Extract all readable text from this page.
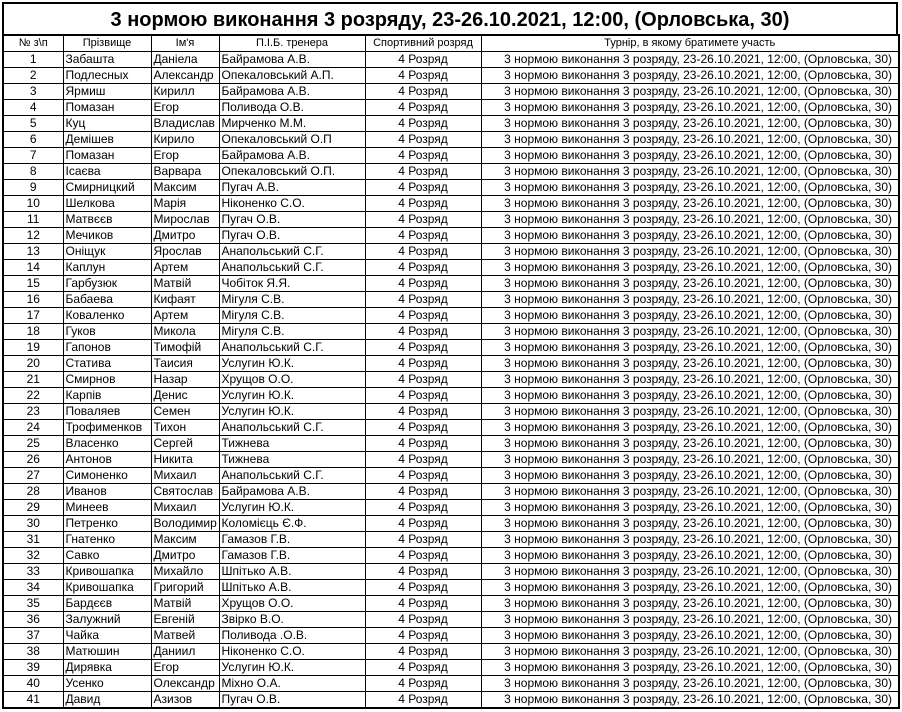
3 нормою виконання 3 розряду, 23-26.10.2021, 12:00, (Орловська, 30)
№ з\п	Прізвище	Ім'я	П.І.Б. тренера	Спортивний розряд	Турнір, в якому братимете участь
1	Забашта	Даніела	Байрамова А.В.	4 Розряд	3 нормою виконання 3 розряду, 23-26.10.2021, 12:00, (Орловська, 30)
2	Подлесных	Александр	Опекаловський А.П.	4 Розряд	3 нормою виконання 3 розряду, 23-26.10.2021, 12:00, (Орловська, 30)
3	Ярмиш	Кирилл	Байрамова А.В.	4 Розряд	3 нормою виконання 3 розряду, 23-26.10.2021, 12:00, (Орловська, 30)
4	Помазан	Егор	Поливода О.В.	4 Розряд	3 нормою виконання 3 розряду, 23-26.10.2021, 12:00, (Орловська, 30)
5	Куц	Владислав	Мирченко М.М.	4 Розряд	3 нормою виконання 3 розряду, 23-26.10.2021, 12:00, (Орловська, 30)
6	Демішев	Кирило	Опекаловський О.П	4 Розряд	3 нормою виконання 3 розряду, 23-26.10.2021, 12:00, (Орловська, 30)
7	Помазан	Егор	Байрамова А.В.	4 Розряд	3 нормою виконання 3 розряду, 23-26.10.2021, 12:00, (Орловська, 30)
8	Ісаєва	Варвара	Опекаловський О.П.	4 Розряд	3 нормою виконання 3 розряду, 23-26.10.2021, 12:00, (Орловська, 30)
9	Смирницкий	Максим	Пугач А.В.	4 Розряд	3 нормою виконання 3 розряду, 23-26.10.2021, 12:00, (Орловська, 30)
10	Шелкова	Марія	Ніконенко С.О.	4 Розряд	3 нормою виконання 3 розряду, 23-26.10.2021, 12:00, (Орловська, 30)
11	Матвєєв	Мирослав	Пугач О.В.	4 Розряд	3 нормою виконання 3 розряду, 23-26.10.2021, 12:00, (Орловська, 30)
12	Мечиков	Дмитро	Пугач О.В.	4 Розряд	3 нормою виконання 3 розряду, 23-26.10.2021, 12:00, (Орловська, 30)
13	Оніщук	Ярослав	Анапольський С.Г.	4 Розряд	3 нормою виконання 3 розряду, 23-26.10.2021, 12:00, (Орловська, 30)
14	Каплун	Артем	Анапольський С.Г.	4 Розряд	3 нормою виконання 3 розряду, 23-26.10.2021, 12:00, (Орловська, 30)
15	Гарбузюк	Матвій	Чобіток Я.Я.	4 Розряд	3 нормою виконання 3 розряду, 23-26.10.2021, 12:00, (Орловська, 30)
16	Бабаева	Кифаят	Мігуля С.В.	4 Розряд	3 нормою виконання 3 розряду, 23-26.10.2021, 12:00, (Орловська, 30)
17	Коваленко	Артем	Мігуля С.В.	4 Розряд	3 нормою виконання 3 розряду, 23-26.10.2021, 12:00, (Орловська, 30)
18	Гуков	Микола	Мігуля С.В.	4 Розряд	3 нормою виконання 3 розряду, 23-26.10.2021, 12:00, (Орловська, 30)
19	Гапонов	Тимофій	Анапольський С.Г.	4 Розряд	3 нормою виконання 3 розряду, 23-26.10.2021, 12:00, (Орловська, 30)
20	Статива	Таисия	Услугин Ю.К.	4 Розряд	3 нормою виконання 3 розряду, 23-26.10.2021, 12:00, (Орловська, 30)
21	Смирнов	Назар	Хрущов О.О.	4 Розряд	3 нормою виконання 3 розряду, 23-26.10.2021, 12:00, (Орловська, 30)
22	Карпів	Денис	Услугин Ю.К.	4 Розряд	3 нормою виконання 3 розряду, 23-26.10.2021, 12:00, (Орловська, 30)
23	Поваляев	Семен	Услугин Ю.К.	4 Розряд	3 нормою виконання 3 розряду, 23-26.10.2021, 12:00, (Орловська, 30)
24	Трофименков	Тихон	Анапольський С.Г.	4 Розряд	3 нормою виконання 3 розряду, 23-26.10.2021, 12:00, (Орловська, 30)
25	Власенко	Сергей	Тижнева	4 Розряд	3 нормою виконання 3 розряду, 23-26.10.2021, 12:00, (Орловська, 30)
26	Антонов	Никита	Тижнева	4 Розряд	3 нормою виконання 3 розряду, 23-26.10.2021, 12:00, (Орловська, 30)
27	Симоненко	Михаил	Анапольський С.Г.	4 Розряд	3 нормою виконання 3 розряду, 23-26.10.2021, 12:00, (Орловська, 30)
28	Иванов	Святослав	Байрамова А.В.	4 Розряд	3 нормою виконання 3 розряду, 23-26.10.2021, 12:00, (Орловська, 30)
29	Минеев	Михаил	Услугин Ю.К.	4 Розряд	3 нормою виконання 3 розряду, 23-26.10.2021, 12:00, (Орловська, 30)
30	Петренко	Володимир	Коломієць Є.Ф.	4 Розряд	3 нормою виконання 3 розряду, 23-26.10.2021, 12:00, (Орловська, 30)
31	Гнатенко	Максим	Гамазов Г.В.	4 Розряд	3 нормою виконання 3 розряду, 23-26.10.2021, 12:00, (Орловська, 30)
32	Савко	Дмитро	Гамазов Г.В.	4 Розряд	3 нормою виконання 3 розряду, 23-26.10.2021, 12:00, (Орловська, 30)
33	Кривошапка	Михайло	Шпітько А.В.	4 Розряд	3 нормою виконання 3 розряду, 23-26.10.2021, 12:00, (Орловська, 30)
34	Кривошапка	Григорий	Шпітько А.В.	4 Розряд	3 нормою виконання 3 розряду, 23-26.10.2021, 12:00, (Орловська, 30)
35	Бардєєв	Матвій	Хрущов О.О.	4 Розряд	3 нормою виконання 3 розряду, 23-26.10.2021, 12:00, (Орловська, 30)
36	Залужний	Евгеній	Звірко В.О.	4 Розряд	3 нормою виконання 3 розряду, 23-26.10.2021, 12:00, (Орловська, 30)
37	Чайка	Матвей	Поливода .О.В.	4 Розряд	3 нормою виконання 3 розряду, 23-26.10.2021, 12:00, (Орловська, 30)
38	Матюшин	Даниил	Ніконенко С.О.	4 Розряд	3 нормою виконання 3 розряду, 23-26.10.2021, 12:00, (Орловська, 30)
39	Дирявка	Егор	Услугин Ю.К.	4 Розряд	3 нормою виконання 3 розряду, 23-26.10.2021, 12:00, (Орловська, 30)
40	Усенко	Олександр	Міхно О.А.	4 Розряд	3 нормою виконання 3 розряду, 23-26.10.2021, 12:00, (Орловська, 30)
41	Давид	Азизов	Пугач О.В.	4 Розряд	3 нормою виконання 3 розряду, 23-26.10.2021, 12:00, (Орловська, 30)
